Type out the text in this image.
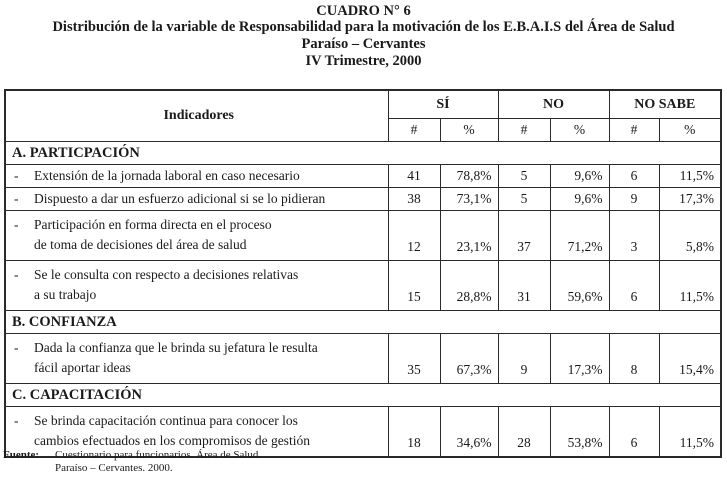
CUADRO N° 6
Distribución de la variable de Responsabilidad para la motivación de los E.B.A.I.S del Área de Salud
Paraíso – Cervantes
IV Trimestre, 2000
Indicadores	SÍ		NO		NO SABE	
	#	%	#	%	#	%
A. PARTICPACIÓN						
- Extensión de la jornada laboral en caso necesario	41	78,8%	5	9,6%	6	11,5%
- Dispuesto a dar un esfuerzo adicional si se lo pidieran	38	73,1%	5	9,6%	9	17,3%
- Participación en forma directa en el proceso
de toma de decisiones del área de salud	12	23,1%	37	71,2%	3	5,8%
- Se le consulta con respecto a decisiones relativas
a su trabajo	15	28,8%	31	59,6%	6	11,5%
B. CONFIANZA						
- Dada la confianza que le brinda su jefatura le resulta
fácil aportar ideas	35	67,3%	9	17,3%	8	15,4%
C. CAPACITACIÓN						
- Se brinda capacitación continua para conocer los
cambios efectuados en los compromisos de gestión	18	34,6%	28	53,8%	6	11,5%
Fuente: Cuestionario para funcionarios. Área de Salud.
Paraíso – Cervantes. 2000.
